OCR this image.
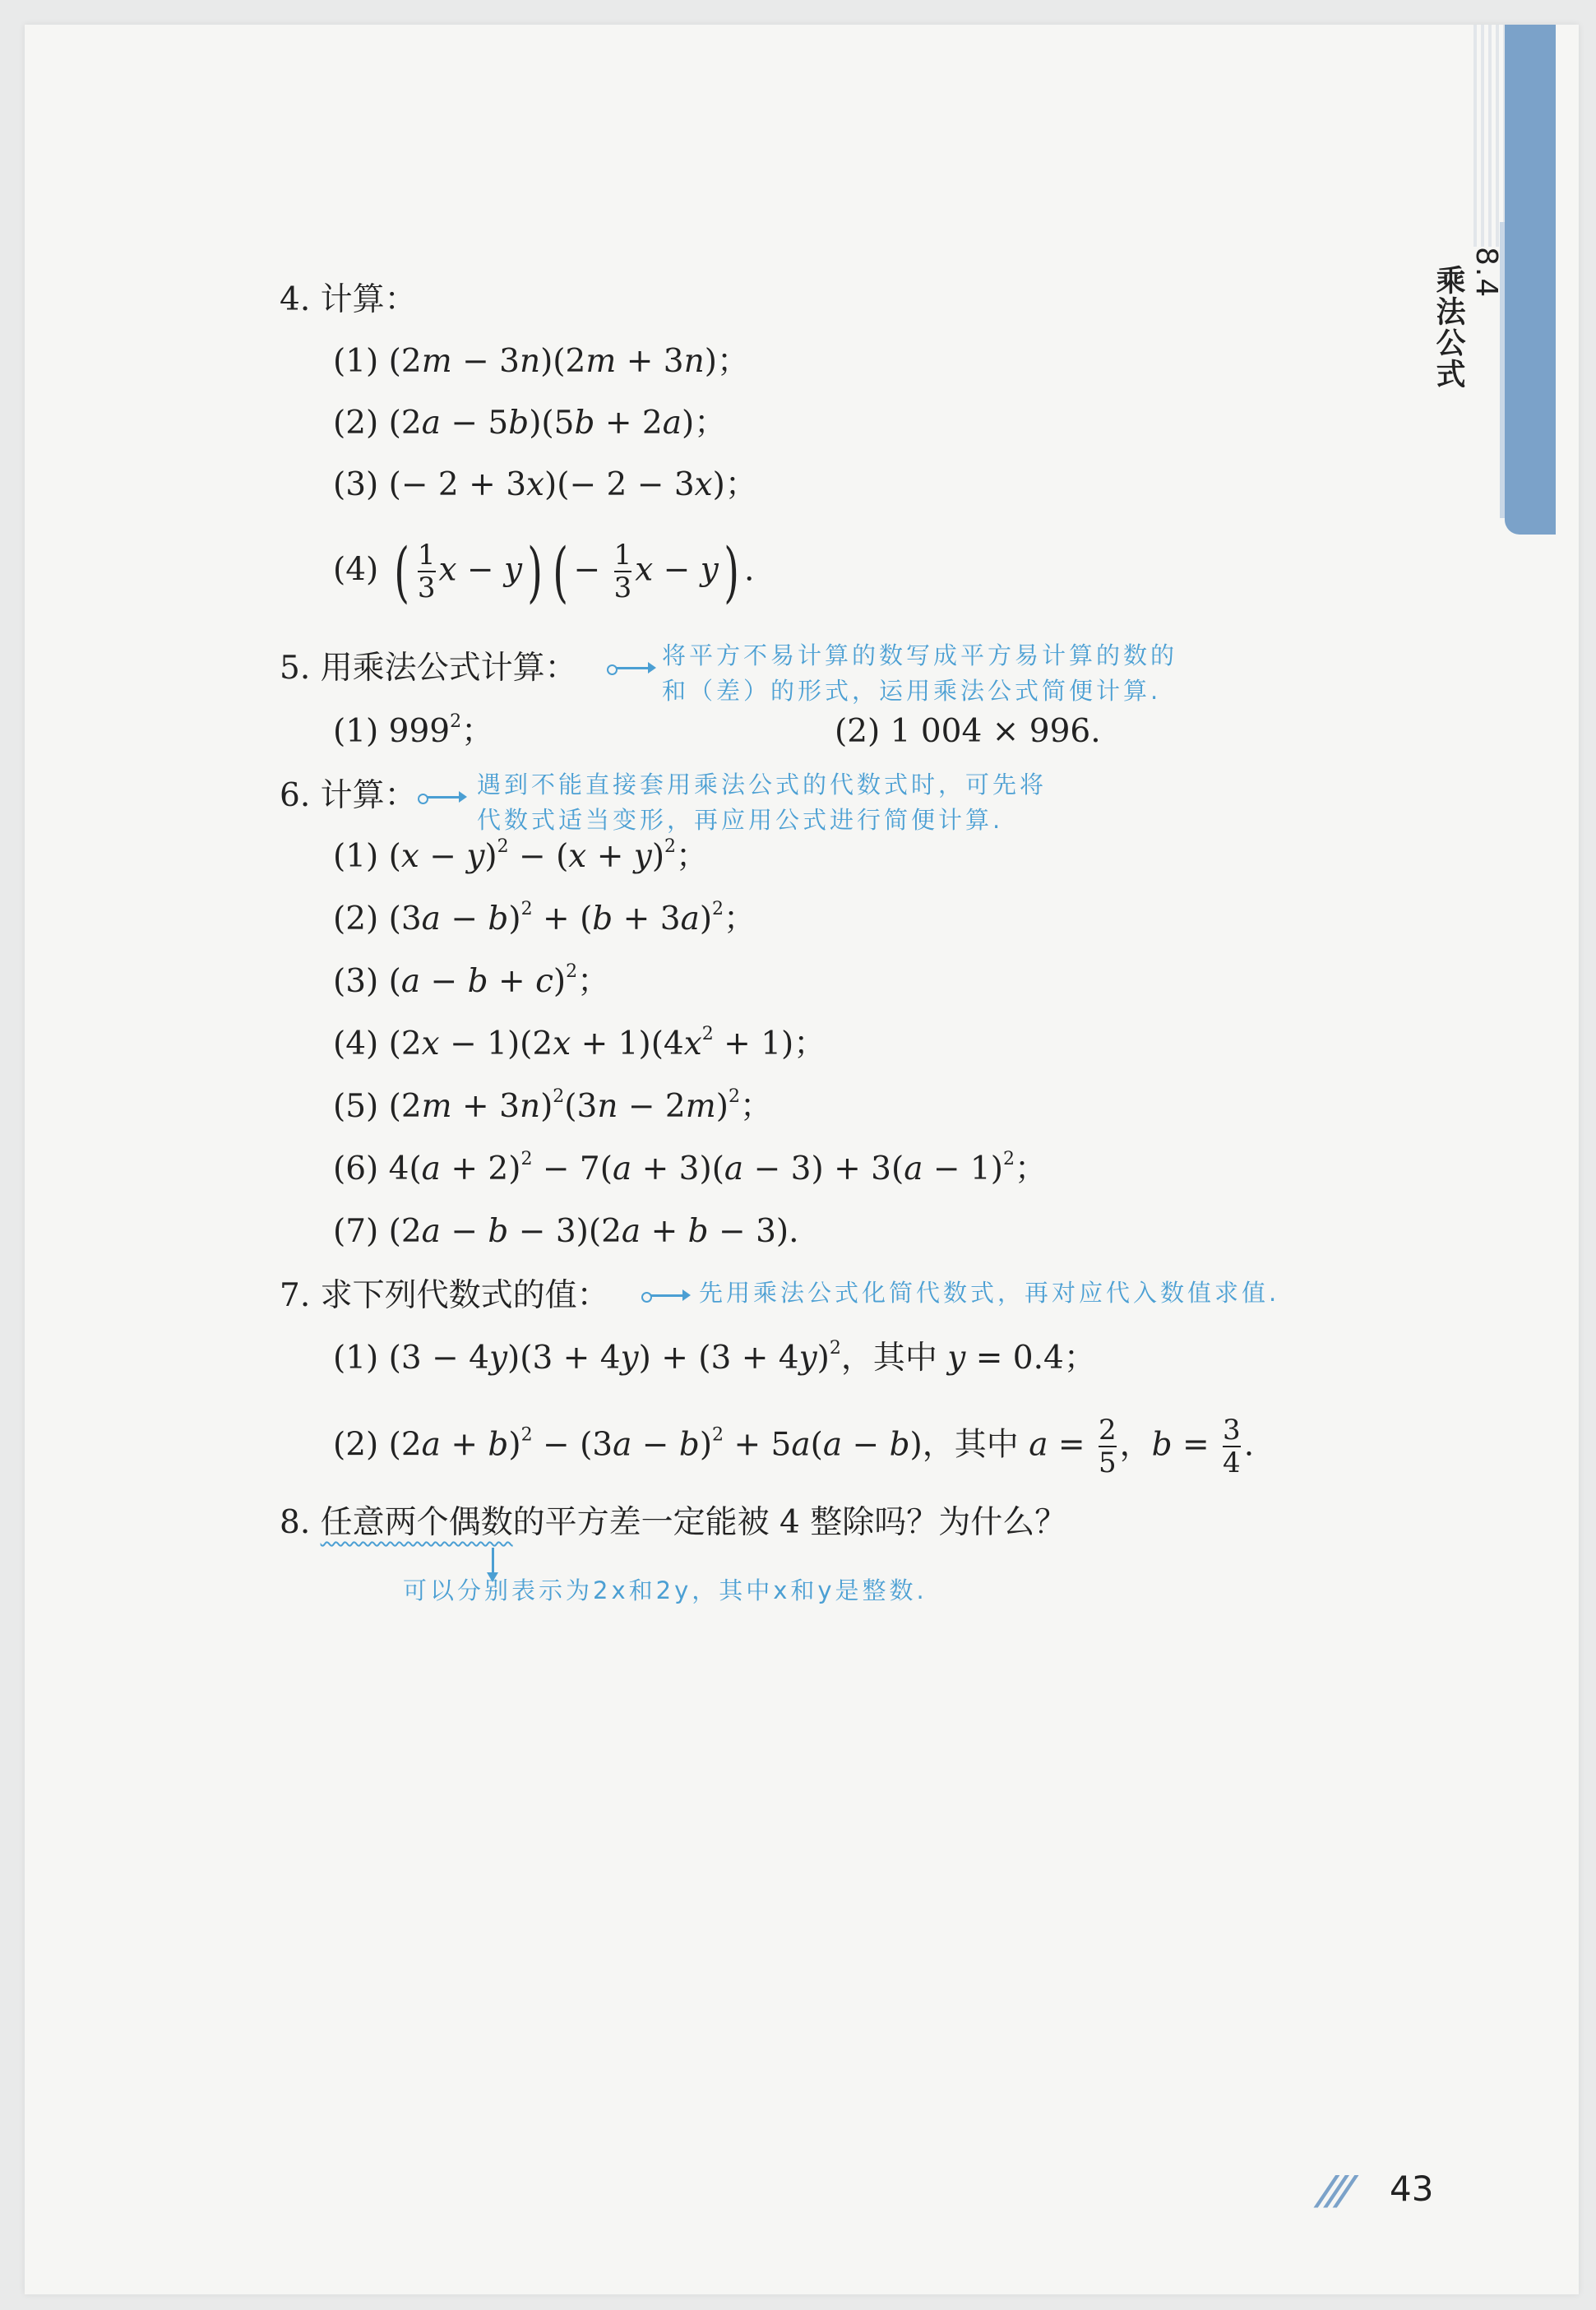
8.4
乘法公式
4. 计算：
(1) (2m − 3n)(2m + 3n)；
(2) (2a − 5b)(5b + 2a)；
(3) (− 2 + 3x)(− 2 − 3x)；
(4) ( $\frac{1}{3}$ x − y) ( − $\frac{1}{3}$ x − y) .
5. 用乘法公式计算：	将平方不易计算的数写成平方易计算的数的
和（差）的形式，运用乘法公式简便计算.
(1) $999^2$；	(2) 1 004 × 996.
6. 计算：	遇到不能直接套用乘法公式的代数式时，可先将
代数式适当变形，再应用公式进行简便计算.
(1) $(x - y)^2 - (x + y)^2$；
(2) $(3a - b)^2 + (b + 3a)^2$；
(3) $(a - b + c)^2$；
(4) $(2x - 1)(2x + 1)(4x^2 + 1)$；
(5) $(2m + 3n)^2(3n - 2m)^2$；
(6) $4(a + 2)^2 - 7(a + 3)(a - 3) + 3(a - 1)^2$；
(7) (2a − b − 3)(2a + b − 3).
7. 求下列代数式的值：	先用乘法公式化简代数式，再对应代入数值求值.
(1) $(3 - 4y)(3 + 4y) + (3 + 4y)^2$，其中 y = 0.4；
(2) $(2a + b)^2 - (3a - b)^2 + 5a(a - b)$，其中 $a = \frac{2}{5}$ ，$b = \frac{3}{4}$ .
8. 任意两个偶数的平方差一定能被 4 整除吗？为什么？
可以分别表示为2x和2y，其中x和y是整数.
/// 43
